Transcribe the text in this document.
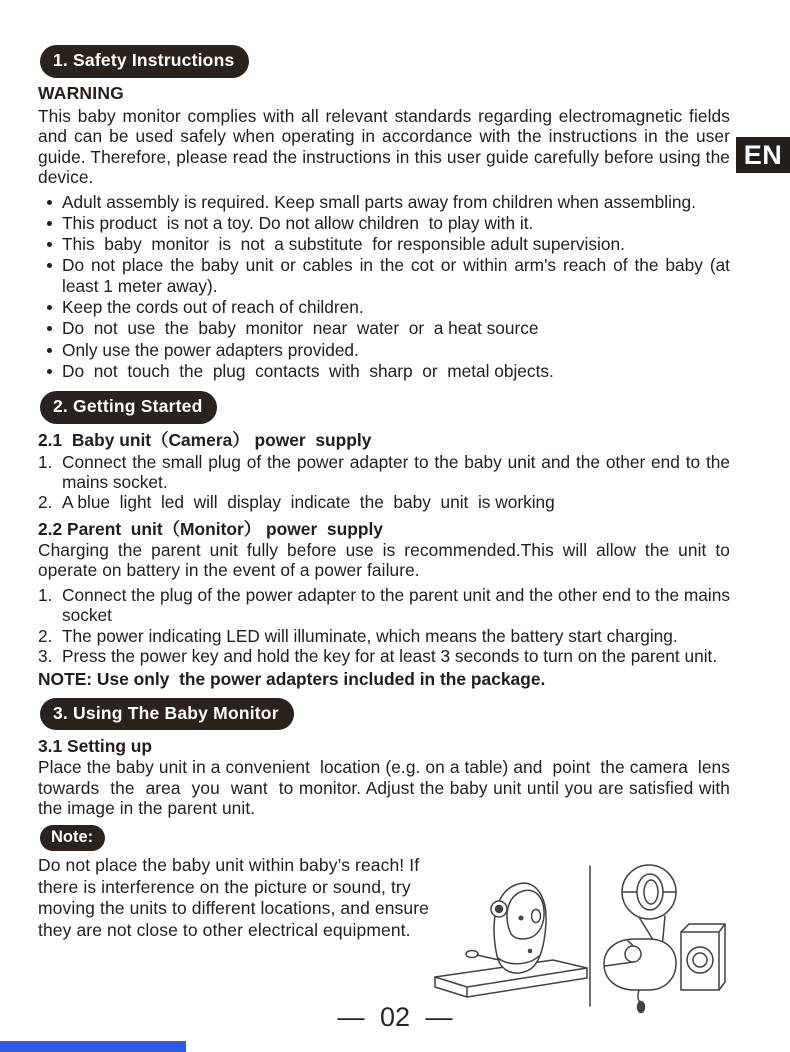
EN
1. Safety Instructions
WARNING
This baby monitor complies with all relevant standards regarding electromagnetic fields and can be used safely when operating in accordance with the instructions in the user guide. Therefore, please read the instructions in this user guide carefully before using the device.
Adult assembly is required. Keep small parts away from children when assembling.
This product  is not a toy. Do not allow children  to play with it.
This  baby  monitor  is  not  a substitute  for responsible adult supervision.
Do not place the baby unit or cables in the cot or within arm's reach of the baby (at least 1 meter away).
Keep the cords out of reach of children.
Do  not  use  the  baby  monitor  near  water  or  a heat source
Only use the power adapters provided.
Do  not  touch  the  plug  contacts  with  sharp  or  metal objects.
2. Getting Started
2.1  Baby unit（Camera） power  supply
1. Connect the small plug of the power adapter to the baby unit and the other end to the mains socket.
2. A blue  light  led  will  display  indicate  the  baby  unit  is working
2.2 Parent  unit（Monitor） power  supply
Charging the parent unit fully before use is recommended.This will allow the unit to operate on battery in the event of a power failure.
1. Connect the plug of the power adapter to the parent unit and the other end to the mains socket
2. The power indicating LED will illuminate, which means the battery start charging.
3. Press the power key and hold the key for at least 3 seconds to turn on the parent unit.
NOTE: Use only  the power adapters included in the package.
3. Using The Baby Monitor
3.1 Setting up
Place the baby unit in a convenient  location (e.g. on a table) and  point  the camera  lens  towards  the  area  you  want  to monitor. Adjust the baby unit until you are satisfied with the image in the parent unit.
Note:
Do not place the baby unit within baby’s reach! If there is interference on the picture or sound, try  moving the units to different locations, and ensure  they are not close to other electrical equipment.
— 02 —
